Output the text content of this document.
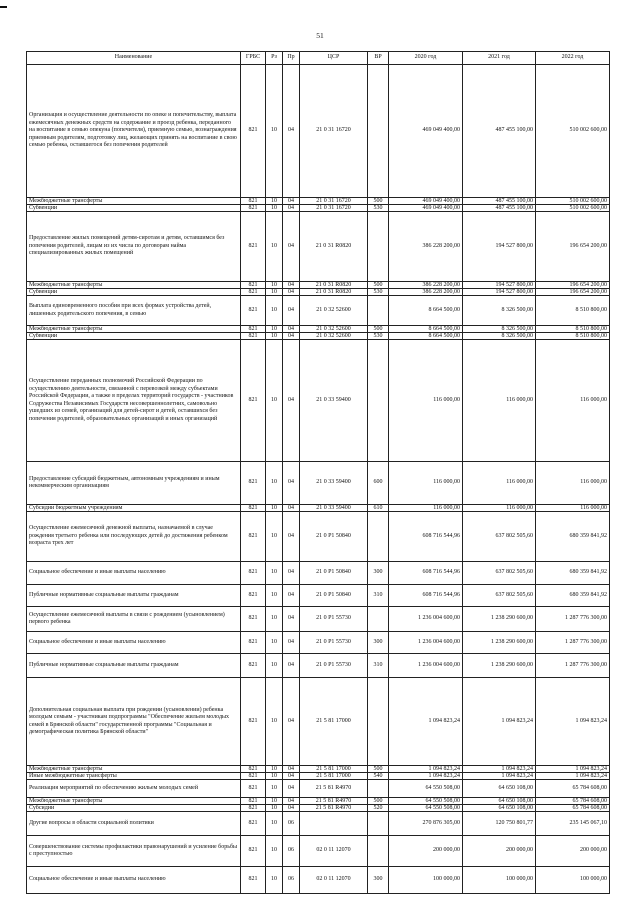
51
Наименование	ГРБС	Рз	Пр	ЦСР	ВР	2020 год	2021 год	2022 год
Организация и осуществление деятельности по опеке и попечительству, выплата ежемесячных денежных средств на содержание и проезд ребенка, переданного на воспитание в семью опекуна (попечителя), приемную семью, вознаграждения приемным родителям, подготовку лиц, желающих принять на воспитание в свою семью ребенка, оставшегося без попечения родителей	821	10	04	21 0 31 16720		469 049 400,00	487 455 100,00	510 002 600,00
Межбюджетные трансферты	821	10	04	21 0 31 16720	500	469 049 400,00	487 455 100,00	510 002 600,00
Субвенции	821	10	04	21 0 31 16720	530	469 049 400,00	487 455 100,00	510 002 600,00
Предоставление жилых помещений детям-сиротам и детям, оставшимся без попечения родителей, лицам из их числа по договорам найма специализированных жилых помещений	821	10	04	21 0 31 R0820		386 228 200,00	194 527 800,00	196 654 200,00
Межбюджетные трансферты	821	10	04	21 0 31 R0820	500	386 228 200,00	194 527 800,00	196 654 200,00
Субвенции	821	10	04	21 0 31 R0820	530	386 228 200,00	194 527 800,00	196 654 200,00
Выплата единовременного пособия при всех формах устройства детей, лишенных родительского попечения, в семью	821	10	04	21 0 32 52600		8 664 500,00	8 326 500,00	8 510 800,00
Межбюджетные трансферты	821	10	04	21 0 32 52600	500	8 664 500,00	8 326 500,00	8 510 800,00
Субвенции	821	10	04	21 0 32 52600	530	8 664 500,00	8 326 500,00	8 510 800,00
Осуществление переданных полномочий Российской Федерации по осуществлению деятельности, связанной с перевозкой между субъектами Российской Федерации, а также в пределах территорий государств - участников Содружества Независимых Государств несовершеннолетних, самовольно ушедших из семей, организаций для детей-сирот и детей, оставшихся без попечения родителей, образовательных организаций и иных организаций	821	10	04	21 0 33 59400		116 000,00	116 000,00	116 000,00
Предоставление субсидий бюджетным, автономным учреждениям и иным некоммерческим организациям	821	10	04	21 0 33 59400	600	116 000,00	116 000,00	116 000,00
Субсидии бюджетным учреждениям	821	10	04	21 0 33 59400	610	116 000,00	116 000,00	116 000,00
Осуществление ежемесячной денежной выплаты, назначаемой в случае рождения третьего ребенка или последующих детей до достижения ребенком возраста трех лет	821	10	04	21 0 P1 50840		608 716 544,96	637 802 505,60	680 359 841,92
Социальное обеспечение и иные выплаты населению	821	10	04	21 0 P1 50840	300	608 716 544,96	637 802 505,60	680 359 841,92
Публичные нормативные социальные выплаты гражданам	821	10	04	21 0 P1 50840	310	608 716 544,96	637 802 505,60	680 359 841,92
Осуществление ежемесячной выплаты в связи с рождением (усыновлением) первого ребенка	821	10	04	21 0 P1 55730		1 236 004 600,00	1 238 290 600,00	1 287 776 300,00
Социальное обеспечение и иные выплаты населению	821	10	04	21 0 P1 55730	300	1 236 004 600,00	1 238 290 600,00	1 287 776 300,00
Публичные нормативные социальные выплаты гражданам	821	10	04	21 0 P1 55730	310	1 236 004 600,00	1 238 290 600,00	1 287 776 300,00
Дополнительная социальная выплата при рождении (усыновлении) ребенка молодым семьям - участникам подпрограммы "Обеспечение жильем молодых семей в Брянской области" государственной программы "Социальная и демографическая политика Брянской области"	821	10	04	21 5 81 17000		1 094 823,24	1 094 823,24	1 094 823,24
Межбюджетные трансферты	821	10	04	21 5 81 17000	500	1 094 823,24	1 094 823,24	1 094 823,24
Иные межбюджетные трансферты	821	10	04	21 5 81 17000	540	1 094 823,24	1 094 823,24	1 094 823,24
Реализация мероприятий по обеспечению жильем молодых семей	821	10	04	21 5 81 R4970		64 550 508,00	64 650 108,00	65 784 608,00
Межбюджетные трансферты	821	10	04	21 5 81 R4970	500	64 550 508,00	64 650 108,00	65 784 608,00
Субсидии	821	10	04	21 5 81 R4970	520	64 550 508,00	64 650 108,00	65 784 608,00
Другие вопросы в области социальной политики	821	10	06			270 876 305,00	120 750 801,77	235 145 067,10
Совершенствование системы профилактики правонарушений и усиление борьбы с преступностью	821	10	06	02 0 11 12070		200 000,00	200 000,00	200 000,00
Социальное обеспечение и иные выплаты населению	821	10	06	02 0 11 12070	300	100 000,00	100 000,00	100 000,00
